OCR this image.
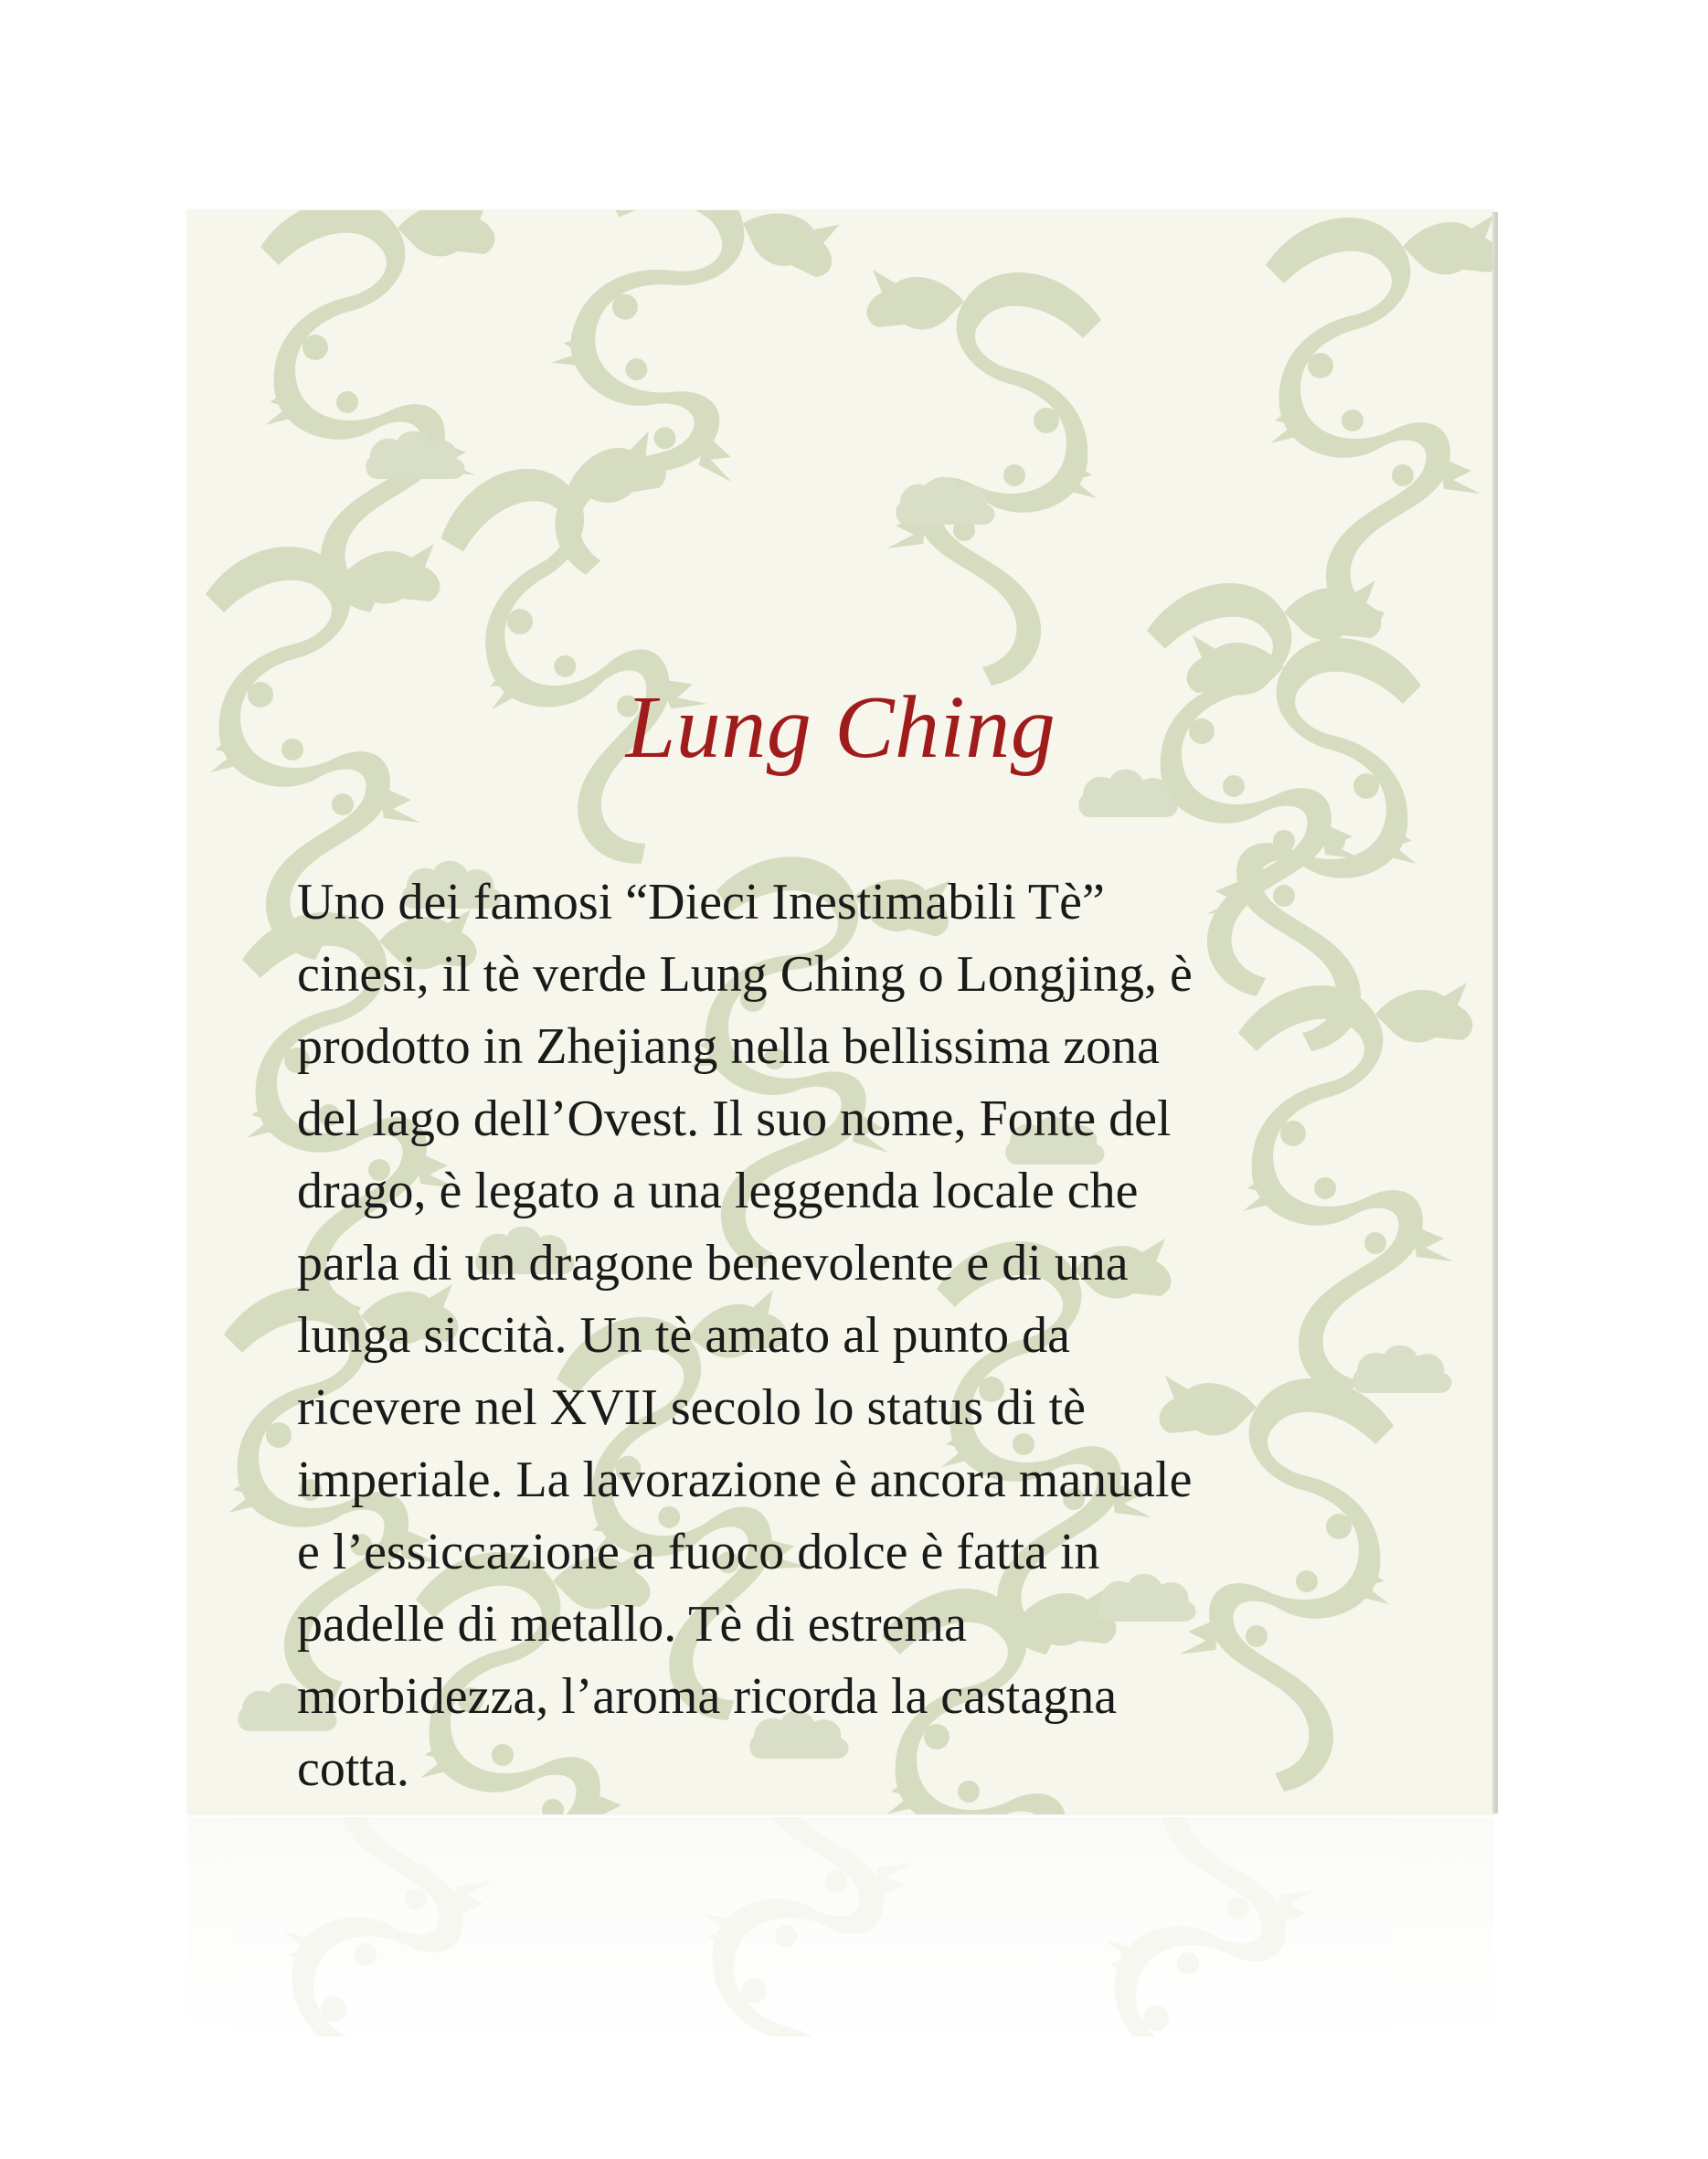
Lung Ching

Uno dei famosi “Dieci Inestimabili Tè”
cinesi, il tè verde Lung Ching o Longjing, è
prodotto in Zhejiang nella bellissima zona
del lago dell’Ovest. Il suo nome, Fonte del
drago, è legato a una leggenda locale che
parla di un dragone benevolente e di una
lunga siccità. Un tè amato al punto da
ricevere nel XVII secolo lo status di tè
imperiale. La lavorazione è ancora manuale
e l’essiccazione a fuoco dolce è fatta in
padelle di metallo. Tè di estrema
morbidezza, l’aroma ricorda la castagna
cotta.
